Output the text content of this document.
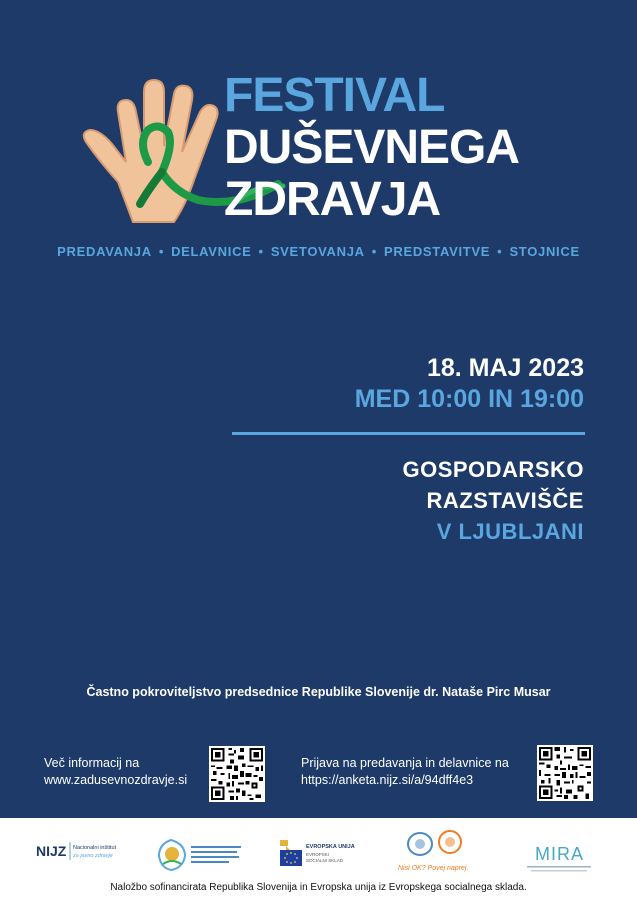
FESTIVAL
DUŠEVNEGA
ZDRAVJA
PREDAVANJA • DELAVNICE • SVETOVANJA • PREDSTAVITVE • STOJNICE
18. MAJ 2023
MED 10:00 IN 19:00
GOSPODARSKO
RAZSTAVIŠČE
V LJUBLJANI
Častno pokroviteljstvo predsednice Republike Slovenije dr. Nataše Pirc Musar
Več informacij na
www.zadusevnozdravje.si
Prijava na predavanja in delavnice na
https://anketa.nijz.si/a/94dff4e3
NIJZ Nacionalni inštitut
za javno zdravje
EVROPSKA UNIJA
EVROPSKI
SOCIALNI SKLAD
Nisi OK? Povej naprej.
MIRA
Naložbo sofinancirata Republika Slovenija in Evropska unija iz Evropskega socialnega sklada.
